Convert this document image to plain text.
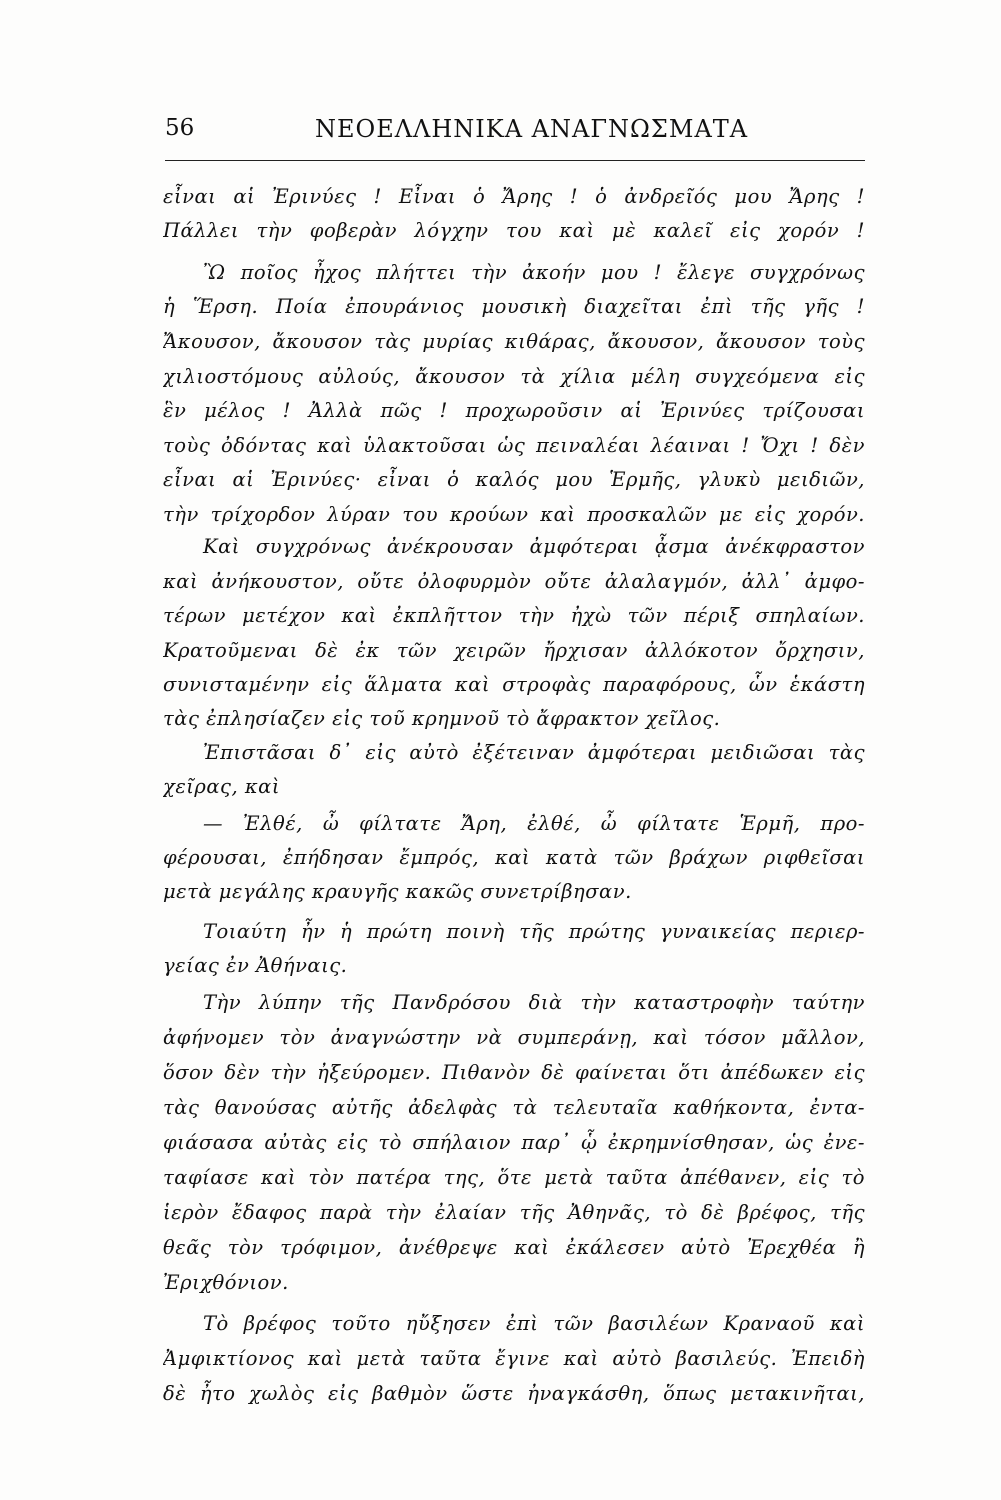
56	ΝΕΟΕΛΛΗΝΙΚΑ ΑΝΑΓΝΩΣΜΑΤΑ
εἶναι αἱ Ἐρινύες ! Εἶναι ὁ Ἄρης ! ὁ ἀνδρεῖός μου Ἄρης !
Πάλλει τὴν φοβερὰν λόγχην του καὶ μὲ καλεῖ εἰς χορόν !
Ὢ ποῖος ἦχος πλήττει τὴν ἀκοήν μου ! ἔλεγε συγχρόνως
ἡ Ἕρση. Ποία ἐπουράνιος μουσικὴ διαχεῖται ἐπὶ τῆς γῆς !
Ἄκουσον, ἄκουσον τὰς μυρίας κιθάρας, ἄκουσον, ἄκουσον τοὺς
χιλιοστόμους αὐλούς, ἄκουσον τὰ χίλια μέλη συγχεόμενα εἰς
ἓν μέλος ! Ἀλλὰ πῶς ! προχωροῦσιν αἱ Ἐρινύες τρίζουσαι
τοὺς ὀδόντας καὶ ὑλακτοῦσαι ὡς πειναλέαι λέαιναι ! Ὄχι ! δὲν
εἶναι αἱ Ἐρινύες· εἶναι ὁ καλός μου Ἑρμῆς, γλυκὺ μειδιῶν,
τὴν τρίχορδον λύραν του κρούων καὶ προσκαλῶν με εἰς χορόν.
Καὶ συγχρόνως ἀνέκρουσαν ἀμφότεραι ᾆσμα ἀνέκφραστον
καὶ ἀνήκουστον, οὔτε ὀλοφυρμὸν οὔτε ἀλαλαγμόν, ἀλλ᾽ ἀμφο-
τέρων μετέχον καὶ ἐκπλῆττον τὴν ἠχὼ τῶν πέριξ σπηλαίων.
Κρατοῦμεναι δὲ ἐκ τῶν χειρῶν ἤρχισαν ἀλλόκοτον ὄρχησιν,
συνισταμένην εἰς ἅλματα καὶ στροφὰς παραφόρους, ὧν ἑκάστη
τὰς ἐπλησίαζεν εἰς τοῦ κρημνοῦ τὸ ἄφρακτον χεῖλος.
Ἐπιστᾶσαι δ᾽ εἰς αὐτὸ ἐξέτειναν ἀμφότεραι μειδιῶσαι τὰς
χεῖρας, καὶ
— Ἐλθέ, ὦ φίλτατε Ἄρη, ἐλθέ, ὦ φίλτατε Ἑρμῆ, προ-
φέρουσαι, ἐπήδησαν ἔμπρός, καὶ κατὰ τῶν βράχων ριφθεῖσαι
μετὰ μεγάλης κραυγῆς κακῶς συνετρίβησαν.
Τοιαύτη ἦν ἡ πρώτη ποινὴ τῆς πρώτης γυναικείας περιερ-
γείας ἐν Ἀθήναις.
Τὴν λύπην τῆς Πανδρόσου διὰ τὴν καταστροφὴν ταύτην
ἀφήνομεν τὸν ἀναγνώστην νὰ συμπεράνῃ, καὶ τόσον μᾶλλον,
ὅσον δὲν τὴν ἠξεύρομεν. Πιθανὸν δὲ φαίνεται ὅτι ἀπέδωκεν εἰς
τὰς θανούσας αὐτῆς ἀδελφὰς τὰ τελευταῖα καθήκοντα, ἐντα-
φιάσασα αὐτὰς εἰς τὸ σπήλαιον παρ᾽ ᾧ ἐκρημνίσθησαν, ὡς ἐνε-
ταφίασε καὶ τὸν πατέρα της, ὅτε μετὰ ταῦτα ἀπέθανεν, εἰς τὸ
ἱερὸν ἔδαφος παρὰ τὴν ἐλαίαν τῆς Ἀθηνᾶς, τὸ δὲ βρέφος, τῆς
θεᾶς τὸν τρόφιμον, ἀνέθρεψε καὶ ἐκάλεσεν αὐτὸ Ἐρεχθέα ἢ
Ἐριχθόνιον.
Τὸ βρέφος τοῦτο ηὔξησεν ἐπὶ τῶν βασιλέων Κραναοῦ καὶ
Ἀμφικτίονος καὶ μετὰ ταῦτα ἔγινε καὶ αὐτὸ βασιλεύς. Ἐπειδὴ
δὲ ἦτο χωλὸς εἰς βαθμὸν ὥστε ἠναγκάσθη, ὅπως μετακινῆται,
